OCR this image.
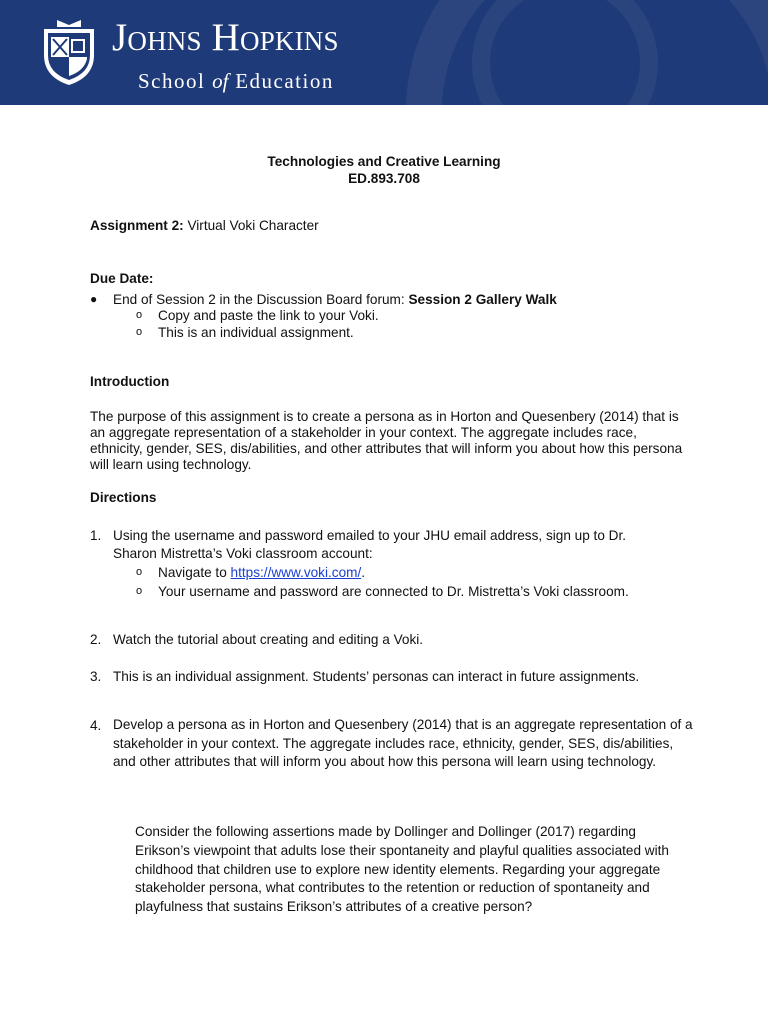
Johns Hopkins
School of Education
Technologies and Creative Learning
ED.893.708
Assignment 2: Virtual Voki Character
Due Date:
● End of Session 2 in the Discussion Board forum: Session 2 Gallery Walk
o Copy and paste the link to your Voki.
o This is an individual assignment.
Introduction
The purpose of this assignment is to create a persona as in Horton and Quesenbery (2014) that is an aggregate representation of a stakeholder in your context. The aggregate includes race, ethnicity, gender, SES, dis/abilities, and other attributes that will inform you about how this persona will learn using technology.
Directions
1. Using the username and password emailed to your JHU email address, sign up to Dr.
Sharon Mistretta’s Voki classroom account:
o Navigate to https://www.voki.com/.
o Your username and password are connected to Dr. Mistretta’s Voki classroom.
2. Watch the tutorial about creating and editing a Voki.
3. This is an individual assignment. Students’ personas can interact in future assignments.
4. Develop a persona as in Horton and Quesenbery (2014) that is an aggregate representation of a stakeholder in your context. The aggregate includes race, ethnicity, gender, SES, dis/abilities, and other attributes that will inform you about how this persona will learn using technology.
Consider the following assertions made by Dollinger and Dollinger (2017) regarding Erikson’s viewpoint that adults lose their spontaneity and playful qualities associated with childhood that children use to explore new identity elements. Regarding your aggregate stakeholder persona, what contributes to the retention or reduction of spontaneity and playfulness that sustains Erikson’s attributes of a creative person?
